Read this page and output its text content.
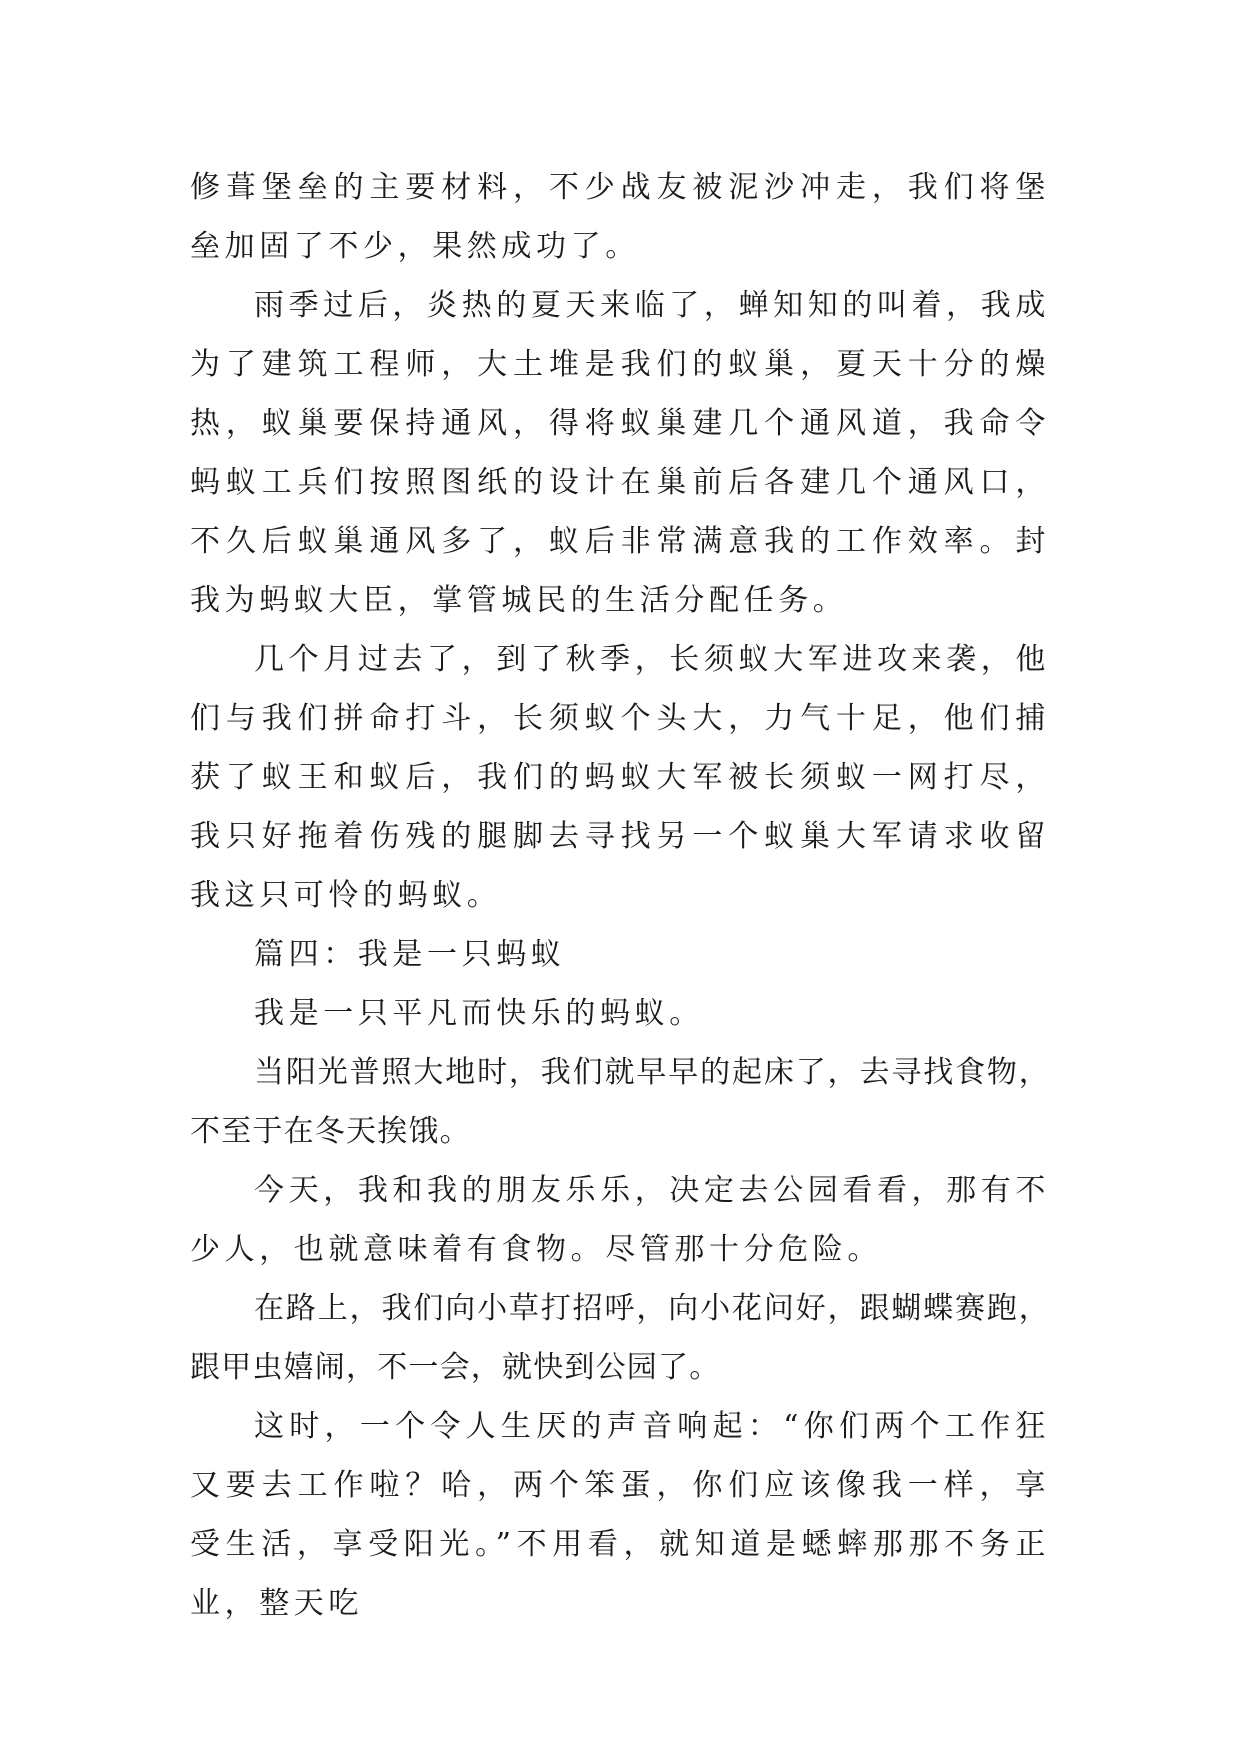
修葺堡垒的主要材料，不少战友被泥沙冲走，我们将堡垒加固了不少，果然成功了。

雨季过后，炎热的夏天来临了，蝉知知的叫着，我成为了建筑工程师，大土堆是我们的蚁巢，夏天十分的燥热，蚁巢要保持通风，得将蚁巢建几个通风道，我命令蚂蚁工兵们按照图纸的设计在巢前后各建几个通风口，不久后蚁巢通风多了，蚁后非常满意我的工作效率。封我为蚂蚁大臣，掌管城民的生活分配任务。

几个月过去了，到了秋季，长须蚁大军进攻来袭，他们与我们拼命打斗，长须蚁个头大，力气十足，他们捕获了蚁王和蚁后，我们的蚂蚁大军被长须蚁一网打尽，我只好拖着伤残的腿脚去寻找另一个蚁巢大军请求收留我这只可怜的蚂蚁。

篇四：我是一只蚂蚁

我是一只平凡而快乐的蚂蚁。

当阳光普照大地时，我们就早早的起床了，去寻找食物，不至于在冬天挨饿。

今天，我和我的朋友乐乐，决定去公园看看，那有不少人，也就意味着有食物。尽管那十分危险。

在路上，我们向小草打招呼，向小花问好，跟蝴蝶赛跑，跟甲虫嬉闹，不一会，就快到公园了。

这时，一个令人生厌的声音响起：“你们两个工作狂又要去工作啦？哈，两个笨蛋，你们应该像我一样，享受生活，享受阳光。”不用看，就知道是蟋蟀那那不务正业，整天吃
